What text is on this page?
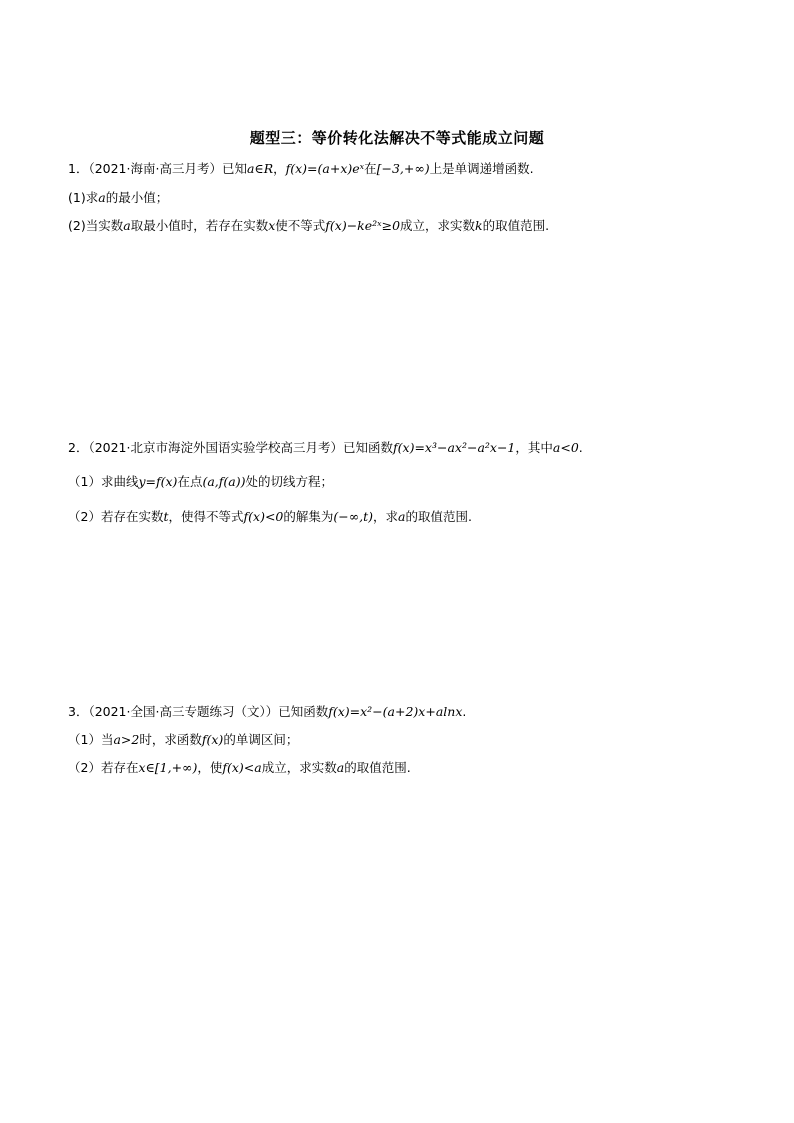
题型三：等价转化法解决不等式能成立问题
1．（2021·海南·高三月考）已知a∈R，f(x)=(a+x)eˣ在[−3,+∞)上是单调递增函数.
(1)求a的最小值；
(2)当实数a取最小值时，若存在实数x使不等式f(x)−ke²ˣ≥0成立，求实数k的取值范围.
2．（2021·北京市海淀外国语实验学校高三月考）已知函数f(x)=x³−ax²−a²x−1，其中a<0.
（1）求曲线y=f(x)在点(a,f(a))处的切线方程；
（2）若存在实数t，使得不等式f(x)<0的解集为(−∞,t)，求a的取值范围.
3．（2021·全国·高三专题练习（文））已知函数f(x)=x²−(a+2)x+alnx.
（1）当a>2时，求函数f(x)的单调区间；
（2）若存在x∈[1,+∞)，使f(x)<a成立，求实数a的取值范围.
